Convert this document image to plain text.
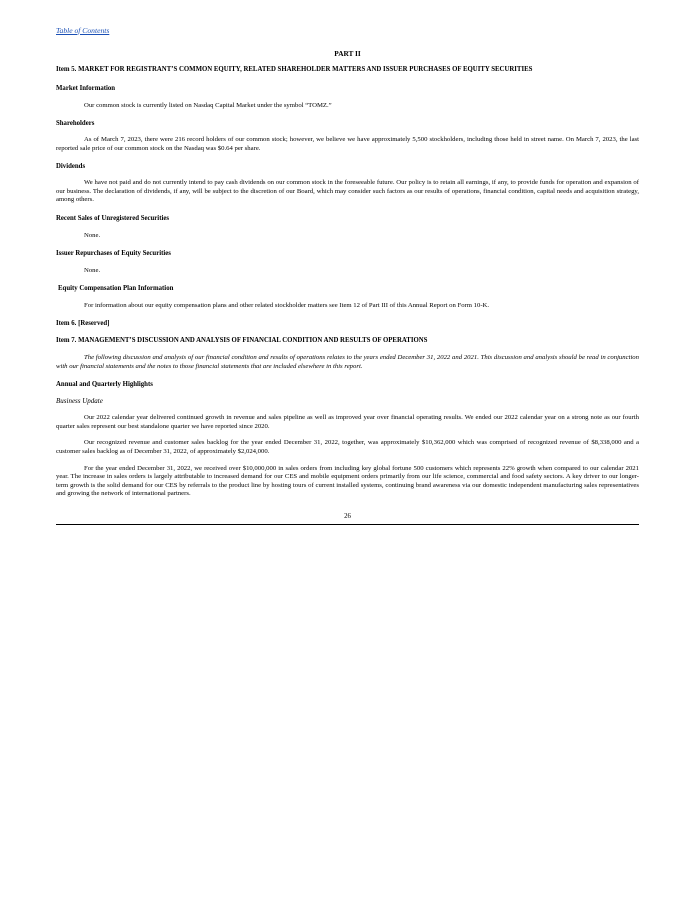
Table of Contents
PART II
Item 5. MARKET FOR REGISTRANT’S COMMON EQUITY, RELATED SHAREHOLDER MATTERS AND ISSUER PURCHASES OF EQUITY SECURITIES
Market Information
Our common stock is currently listed on Nasdaq Capital Market under the symbol “TOMZ.”
Shareholders

As of March 7, 2023, there were 216 record holders of our common stock; however, we believe we have approximately 5,500 stockholders, including those held in street name. On March 7, 2023, the last reported sale price of our common stock on the Nasdaq was $0.64 per share.

Dividends

We have not paid and do not currently intend to pay cash dividends on our common stock in the foreseeable future. Our policy is to retain all earnings, if any, to provide funds for operation and expansion of our business. The declaration of dividends, if any, will be subject to the discretion of our Board, which may consider such factors as our results of operations, financial condition, capital needs and acquisition strategy, among others.

Recent Sales of Unregistered Securities
None.
Issuer Repurchases of Equity Securities
None.
Equity Compensation Plan Information
For information about our equity compensation plans and other related stockholder matters see Item 12 of Part III of this Annual Report on Form 10-K.
Item 6. [Reserved]
Item 7. MANAGEMENT’S DISCUSSION AND ANALYSIS OF FINANCIAL CONDITION AND RESULTS OF OPERATIONS

The following discussion and analysis of our financial condition and results of operations relates to the years ended December 31, 2022 and 2021. This discussion and analysis should be read in conjunction with our financial statements and the notes to those financial statements that are included elsewhere in this report.

Annual and Quarterly Highlights
Business Update

Our 2022 calendar year delivered continued growth in revenue and sales pipeline as well as improved year over financial operating results. We ended our 2022 calendar year on a strong note as our fourth quarter sales represent our best standalone quarter we have reported since 2020.

Our recognized revenue and customer sales backlog for the year ended December 31, 2022, together, was approximately $10,362,000 which was comprised of recognized revenue of $8,338,000 and a customer sales backlog as of December 31, 2022, of approximately $2,024,000.

For the year ended December 31, 2022, we received over $10,000,000 in sales orders from including key global fortune 500 customers which represents 22% growth when compared to our calendar 2021 year. The increase in sales orders is largely attributable to increased demand for our CES and mobile equipment orders primarily from our life science, commercial and food safety sectors. A key driver to our longer-term growth is the solid demand for our CES by referrals to the product line by hosting tours of current installed systems, continuing brand awareness via our domestic independent manufacturing sales representatives and growing the network of international partners.

26
